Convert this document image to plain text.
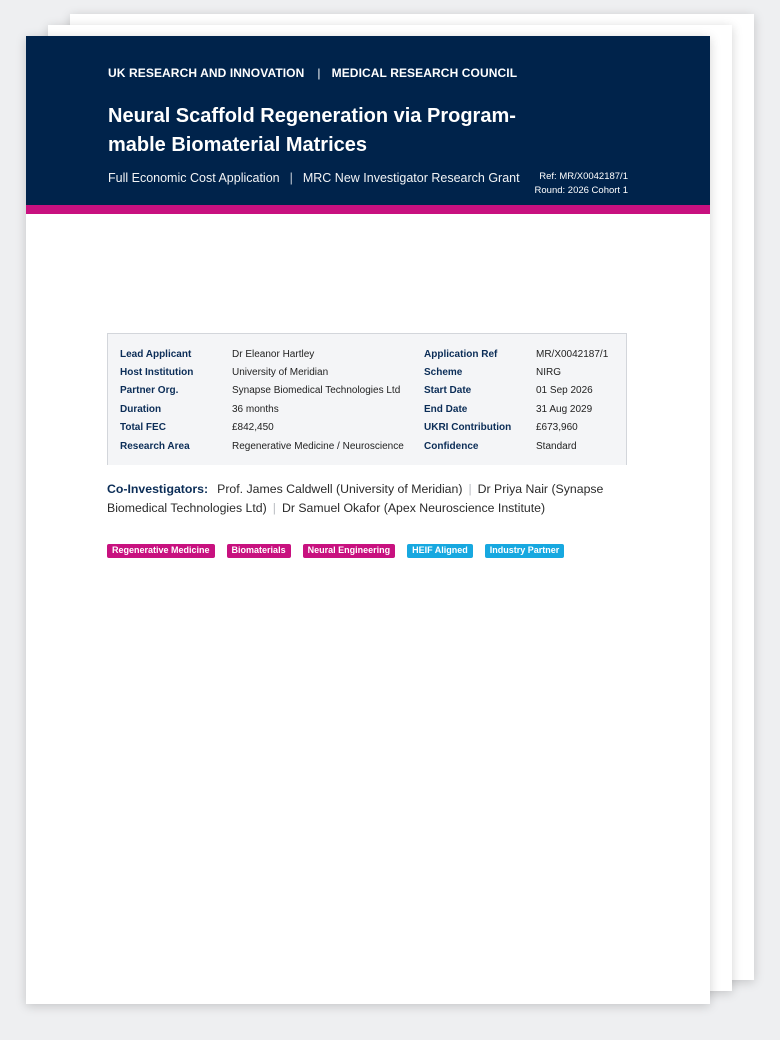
UK RESEARCH AND INNOVATION | MEDICAL RESEARCH COUNCIL
Neural Scaffold Regeneration via Program-mable Biomaterial Matrices
Full Economic Cost Application | MRC New Investigator Research Grant	Ref: MR/X0042187/1
Round: 2026 Cohort 1
Lead Applicant	Dr Eleanor Hartley	Application Ref	MR/X0042187/1
Host Institution	University of Meridian	Scheme	NIRG
Partner Org.	Synapse Biomedical Technologies Ltd	Start Date	01 Sep 2026
Duration	36 months	End Date	31 Aug 2029
Total FEC	£842,450	UKRI Contribution	£673,960
Research Area	Regenerative Medicine / Neuroscience	Confidence	Standard
Co-Investigators: Prof. James Caldwell (University of Meridian) | Dr Priya Nair (Synapse Biomedical Technologies Ltd) | Dr Samuel Okafor (Apex Neuroscience Institute)
Regenerative Medicine Biomaterials Neural Engineering HEIF Aligned Industry Partner
